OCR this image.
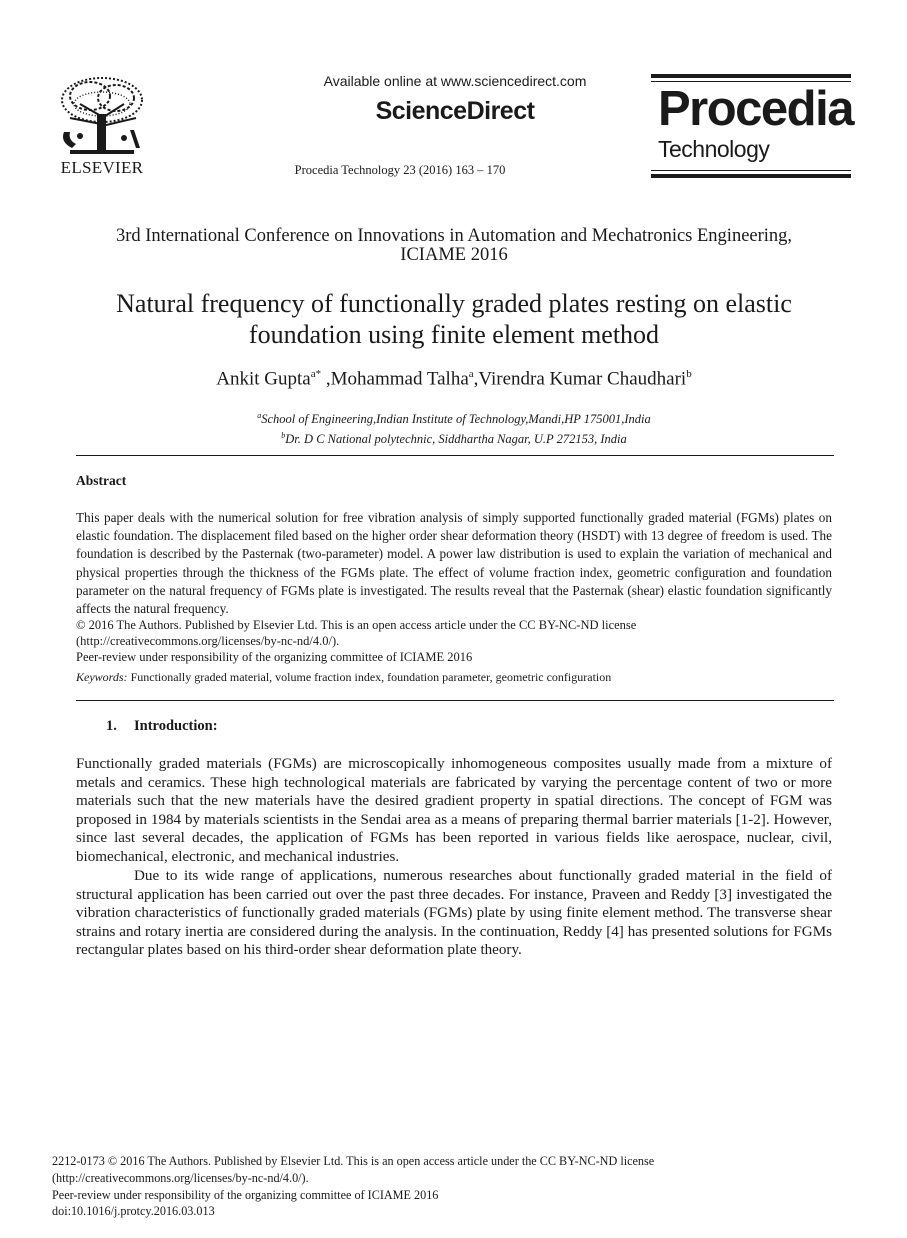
ELSEVIER
Available online at www.sciencedirect.com
ScienceDirect
Procedia Technology 23 (2016) 163 – 170
Procedia
Technology
3rd International Conference on Innovations in Automation and Mechatronics Engineering,
ICIAME 2016
Natural frequency of functionally graded plates resting on elastic
foundation using finite element method
Ankit Gupta$^{a*}$ ,Mohammad Talha$^a$,Virendra Kumar Chaudhari$^b$
$^a$School of Engineering,Indian Institute of Technology,Mandi,HP 175001,India
$^b$Dr. D C National polytechnic, Siddhartha Nagar, U.P 272153, India
Abstract
This paper deals with the numerical solution for free vibration analysis of simply supported functionally graded material (FGMs) plates on elastic foundation. The displacement filed based on the higher order shear deformation theory (HSDT) with 13 degree of freedom is used. The foundation is described by the Pasternak (two-parameter) model. A power law distribution is used to explain the variation of mechanical and physical properties through the thickness of the FGMs plate. The effect of volume fraction index, geometric configuration and foundation parameter on the natural frequency of FGMs plate is investigated. The results reveal that the Pasternak (shear) elastic foundation significantly affects the natural frequency.
© 2016 The Authors. Published by Elsevier Ltd. This is an open access article under the CC BY-NC-ND license
(http://creativecommons.org/licenses/by-nc-nd/4.0/).
Peer-review under responsibility of the organizing committee of ICIAME 2016
Keywords: Functionally graded material, volume fraction index, foundation parameter, geometric configuration
1. Introduction:
Functionally graded materials (FGMs) are microscopically inhomogeneous composites usually made from a mixture of metals and ceramics. These high technological materials are fabricated by varying the percentage content of two or more materials such that the new materials have the desired gradient property in spatial directions. The concept of FGM was proposed in 1984 by materials scientists in the Sendai area as a means of preparing thermal barrier materials [1-2]. However, since last several decades, the application of FGMs has been reported in various fields like aerospace, nuclear, civil, biomechanical, electronic, and mechanical industries.
Due to its wide range of applications, numerous researches about functionally graded material in the field of structural application has been carried out over the past three decades. For instance, Praveen and Reddy [3] investigated the vibration characteristics of functionally graded materials (FGMs) plate by using finite element method. The transverse shear strains and rotary inertia are considered during the analysis. In the continuation, Reddy [4] has presented solutions for FGMs rectangular plates based on his third-order shear deformation plate theory.
2212-0173 © 2016 The Authors. Published by Elsevier Ltd. This is an open access article under the CC BY-NC-ND license
(http://creativecommons.org/licenses/by-nc-nd/4.0/).
Peer-review under responsibility of the organizing committee of ICIAME 2016
doi:10.1016/j.protcy.2016.03.013
